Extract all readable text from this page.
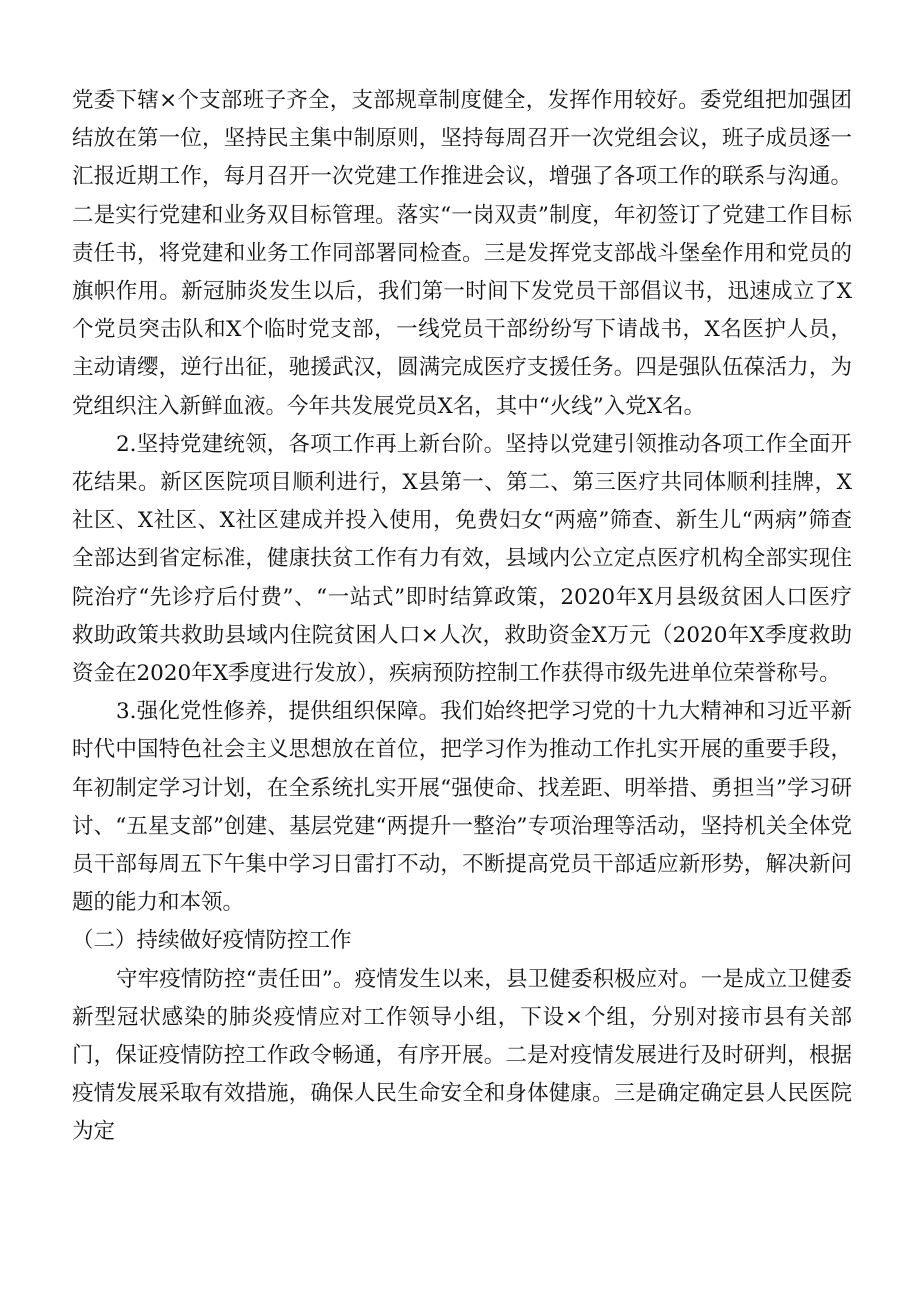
党委下辖×个支部班子齐全，支部规章制度健全，发挥作用较好。委党组把加强团结放在第一位，坚持民主集中制原则，坚持每周召开一次党组会议，班子成员逐一汇报近期工作，每月召开一次党建工作推进会议，增强了各项工作的联系与沟通。二是实行党建和业务双目标管理。落实“一岗双责”制度，年初签订了党建工作目标责任书，将党建和业务工作同部署同检查。三是发挥党支部战斗堡垒作用和党员的旗帜作用。新冠肺炎发生以后，我们第一时间下发党员干部倡议书，迅速成立了X个党员突击队和X个临时党支部，一线党员干部纷纷写下请战书，X名医护人员，主动请缨，逆行出征，驰援武汉，圆满完成医疗支援任务。四是强队伍葆活力，为党组织注入新鲜血液。今年共发展党员X名，其中“火线”入党X名。

2.坚持党建统领，各项工作再上新台阶。坚持以党建引领推动各项工作全面开花结果。新区医院项目顺利进行，X县第一、第二、第三医疗共同体顺利挂牌，X社区、X社区、X社区建成并投入使用，免费妇女“两癌”筛查、新生儿“两病”筛查全部达到省定标准，健康扶贫工作有力有效，县域内公立定点医疗机构全部实现住院治疗“先诊疗后付费”、“一站式”即时结算政策，2020年X月县级贫困人口医疗救助政策共救助县域内住院贫困人口×人次，救助资金X万元（2020年X季度救助资金在2020年X季度进行发放），疾病预防控制工作获得市级先进单位荣誉称号。

3.强化党性修养，提供组织保障。我们始终把学习党的十九大精神和习近平新时代中国特色社会主义思想放在首位，把学习作为推动工作扎实开展的重要手段，年初制定学习计划，在全系统扎实开展“强使命、找差距、明举措、勇担当”学习研讨、“五星支部”创建、基层党建“两提升一整治”专项治理等活动，坚持机关全体党员干部每周五下午集中学习日雷打不动，不断提高党员干部适应新形势，解决新问题的能力和本领。

（二）持续做好疫情防控工作

守牢疫情防控“责任田”。疫情发生以来，县卫健委积极应对。一是成立卫健委新型冠状感染的肺炎疫情应对工作领导小组，下设×个组，分别对接市县有关部门，保证疫情防控工作政令畅通，有序开展。二是对疫情发展进行及时研判，根据疫情发展采取有效措施，确保人民生命安全和身体健康。三是确定确定县人民医院为定
